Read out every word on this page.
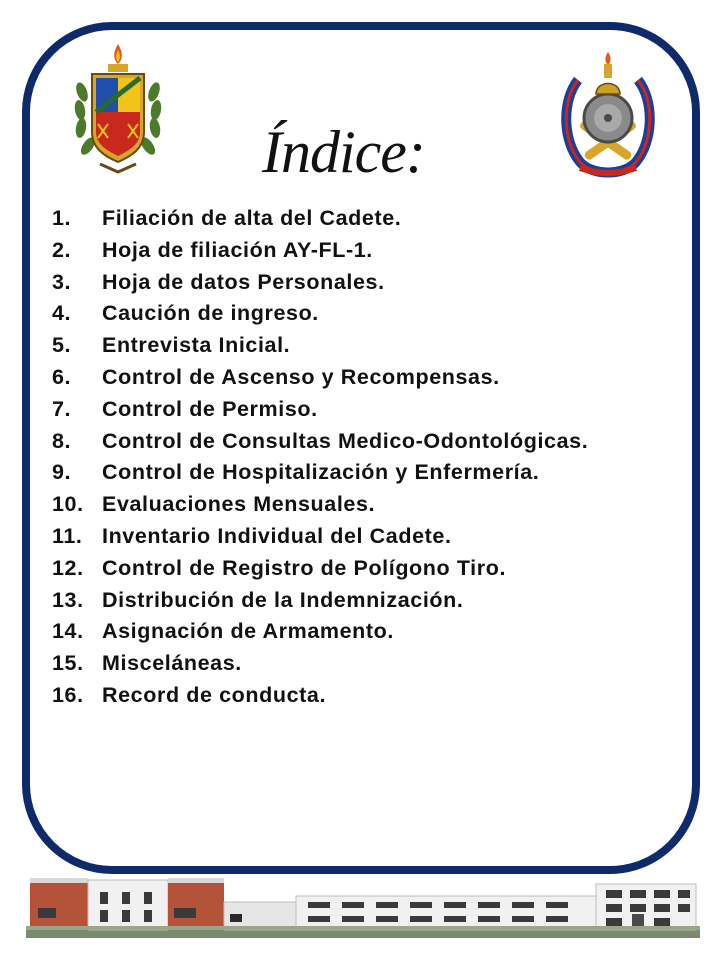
Índice:
1.	Filiación de alta del Cadete.
2.	Hoja de filiación AY-FL-1.
3.	Hoja de datos Personales.
4.	Caución de ingreso.
5.	Entrevista Inicial.
6.	Control de Ascenso y Recompensas.
7.	Control de Permiso.
8.	Control de Consultas Medico-Odontológicas.
9.	Control de Hospitalización y Enfermería.
10. Evaluaciones Mensuales.
11. Inventario Individual del Cadete.
12. Control de Registro de Polígono Tiro.
13. Distribución de la Indemnización.
14. Asignación de Armamento.
15. Misceláneas.
16. Record de conducta.
